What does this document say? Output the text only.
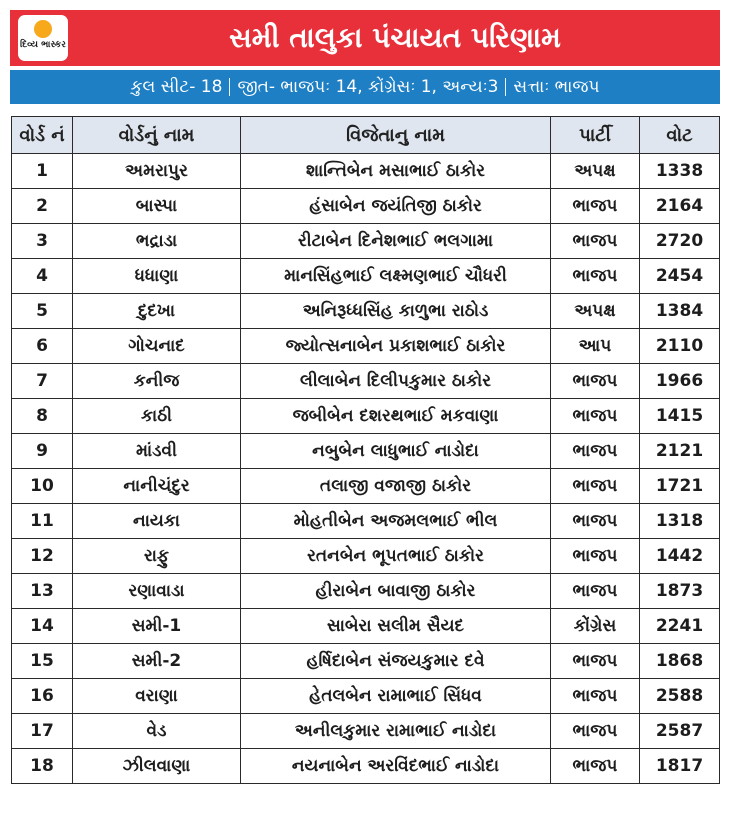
દિવ્ય ભાસ્કર	સમી તાલુકા પંચાયત પરિણામ
કુલ સીટ- 18 જીત- ભાજપઃ 14, કોંગ્રેસઃ 1, અન્યઃ3 સત્તાઃ ભાજપ
વોર્ડ નં	વોર્ડનું નામ	વિજેતાનુ નામ	પાર્ટી	વોટ
1	અમરાપુર	શાન્તિબેન મસાભાઈ ઠાકોર	અપક્ષ	1338
2	બાસ્પા	હંસાબેન જયંતિજી ઠાકોર	ભાજપ	2164
3	ભદ્રાડા	રીટાબેન દિનેશભાઈ ભલગામા	ભાજપ	2720
4	ધધાણા	માનસિંહભાઈ લક્ષ્મણભાઈ ચૌધરી	ભાજપ	2454
5	દુદખા	અનિરૂધ્ધસિંહ કાળુભા રાઠોડ	અપક્ષ	1384
6	ગોચનાદ	જ્યોત્સનાબેન પ્રકાશભાઈ ઠાકોર	આપ	2110
7	કનીજ	લીલાબેન દિલીપકુમાર ઠાકોર	ભાજપ	1966
8	કાઠી	જબીબેન દશરથભાઈ મકવાણા	ભાજપ	1415
9	માંડવી	નબુબેન લાધુભાઈ નાડોદા	ભાજપ	2121
10	નાનીચંદુર	તલાજી વજાજી ઠાકોર	ભાજપ	1721
11	નાયકા	મોહતીબેન અજમલભાઈ ભીલ	ભાજપ	1318
12	રાફુ	રતનબેન ભૂપતભાઈ ઠાકોર	ભાજપ	1442
13	રણાવાડા	હીરાબેન બાવાજી ઠાકોર	ભાજપ	1873
14	સમી-1	સાબેરા સલીમ સૈયદ	કોંગ્રેસ	2241
15	સમી-2	હર્ષિદાબેન સંજયકુમાર દવે	ભાજપ	1868
16	વરાણા	હેતલબેન રામાભાઈ સિંધવ	ભાજપ	2588
17	વેડ	અનીલકુમાર રામાભાઈ નાડોદા	ભાજપ	2587
18	ઝીલવાણા	નયનાબેન અરવિંદભાઈ નાડોદા	ભાજપ	1817
